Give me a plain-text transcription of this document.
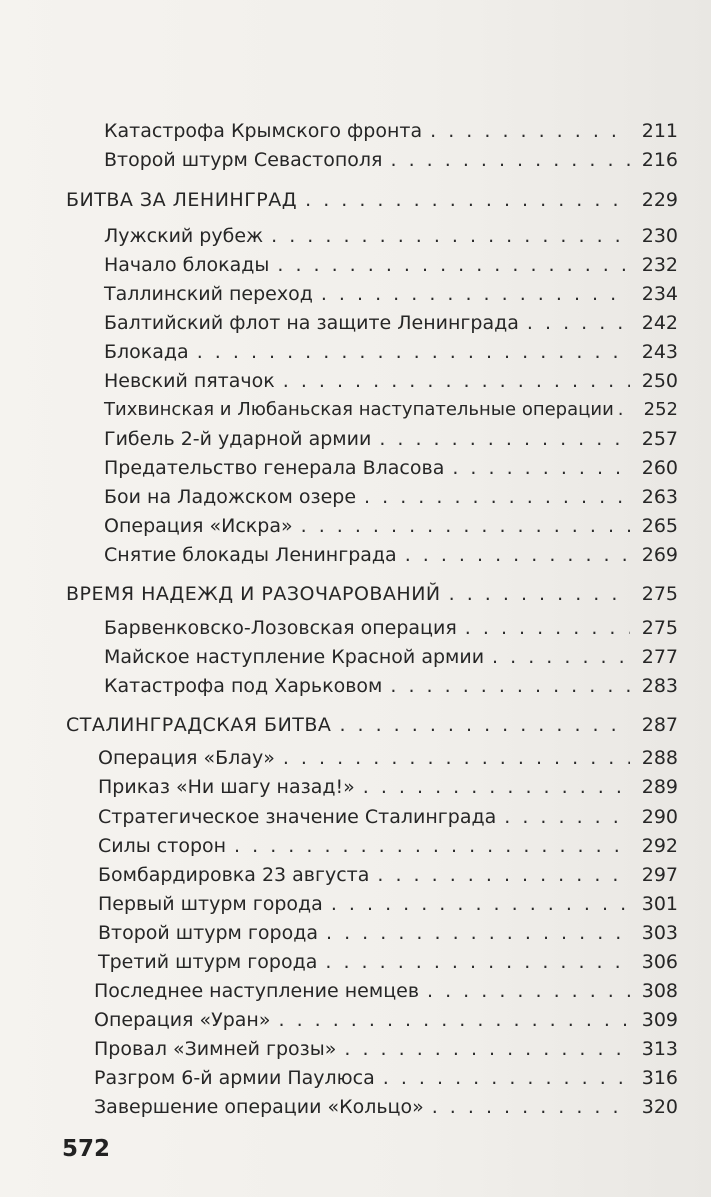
Катастрофа Крымского фронта . . .	211
Второй штурм Севастополя . . .	216
БИТВА ЗА ЛЕНИНГРАД . . .	229
Лужский рубеж . . .	230
Начало блокады . . .	232
Таллинский переход . . .	234
Балтийский флот на защите Ленинграда . . .	242
Блокада . . .	243
Невский пятачок . . .	250
Тихвинская и Любаньская наступательные операции . . .	252
Гибель 2-й ударной армии . . .	257
Предательство генерала Власова . . .	260
Бои на Ладожском озере . . .	263
Операция «Искра» . . .	265
Снятие блокады Ленинграда . . .	269
ВРЕМЯ НАДЕЖД И РАЗОЧАРОВАНИЙ . . .	275
Барвенковско-Лозовская операция . . .	275
Майское наступление Красной армии . . .	277
Катастрофа под Харьковом . . .	283
СТАЛИНГРАДСКАЯ БИТВА . . .	287
Операция «Блау» . . .	288
Приказ «Ни шагу назад!» . . .	289
Стратегическое значение Сталинграда . . .	290
Силы сторон . . .	292
Бомбардировка 23 августа . . .	297
Первый штурм города . . .	301
Второй штурм города . . .	303
Третий штурм города . . .	306
Последнее наступление немцев . . .	308
Операция «Уран» . . .	309
Провал «Зимней грозы» . . .	313
Разгром 6-й армии Паулюса . . .	316
Завершение операции «Кольцо» . . .	320
572
